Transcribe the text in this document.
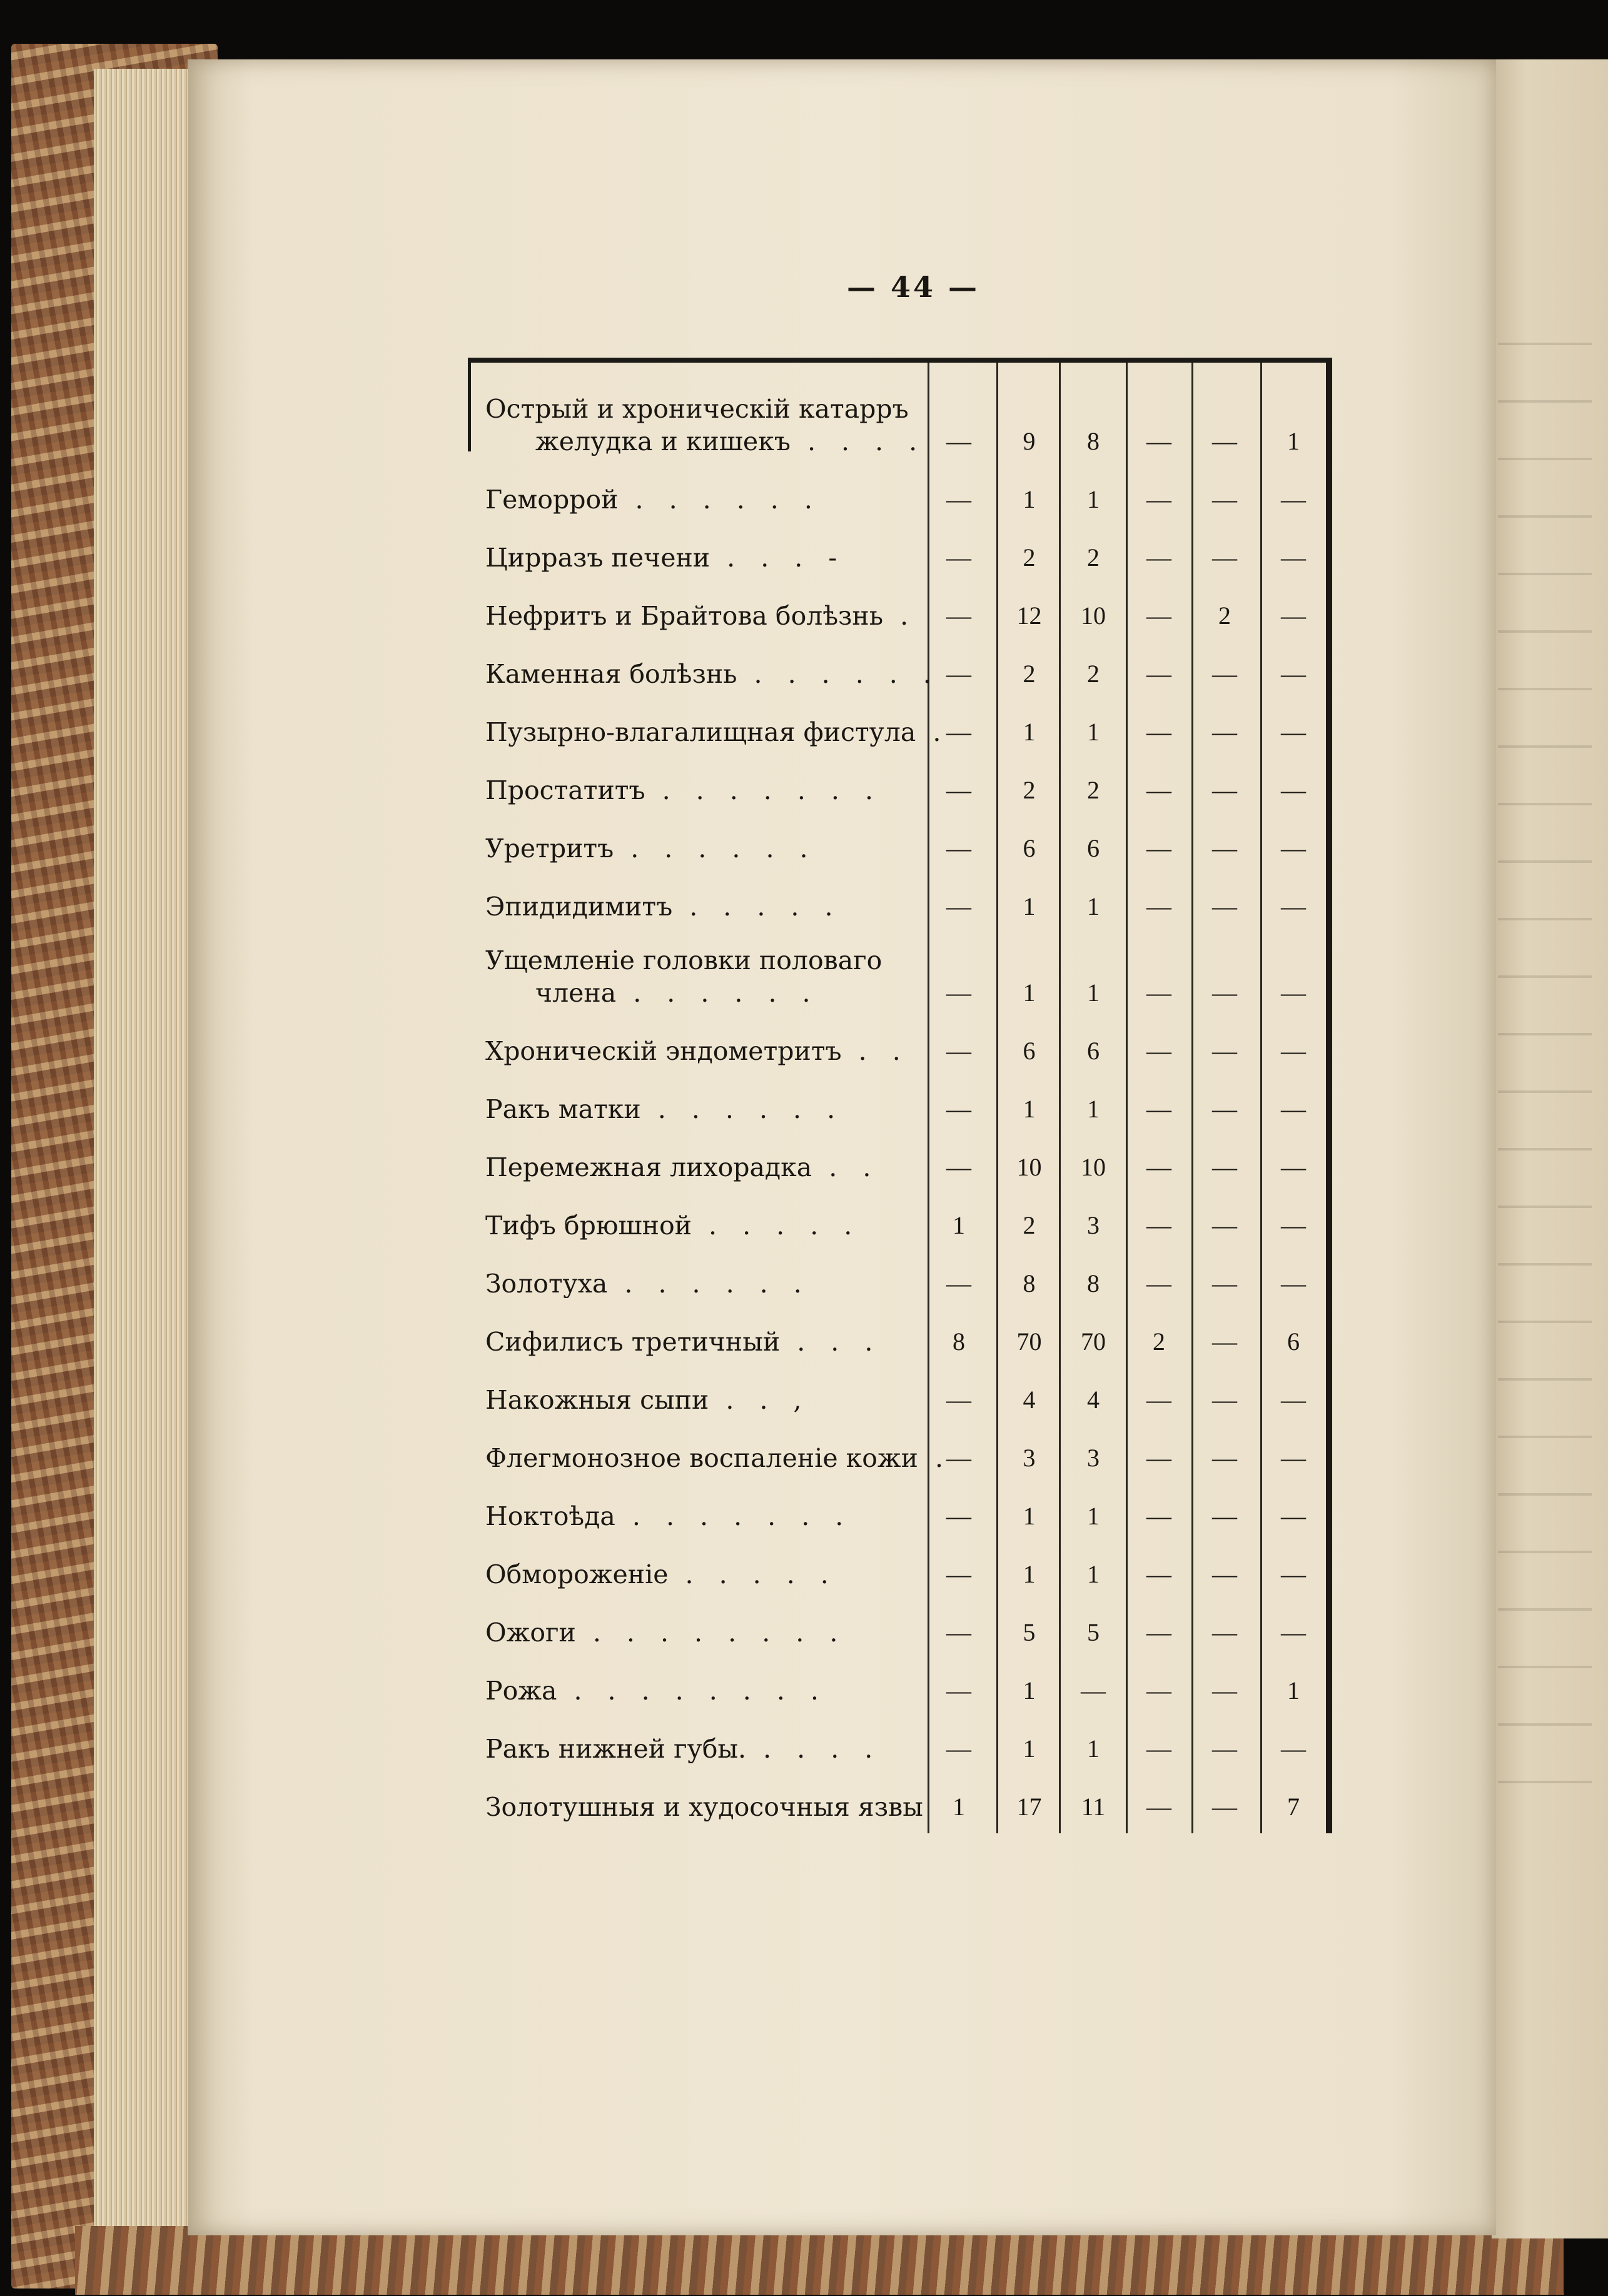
— 44 —
Острый и хроническій катарръ
желудка и кишекъ . . . . —	9	8	—	—	1
Геморрой . . . . . .	—	1	1	—	—	—
Цирразъ печени . . . -	—	2	2	—	—	—
Нефритъ и Брайтова болѣзнь .	—	12	10	—	2	—
Каменная болѣзнь . . . . . . —	2	2	—	—	—
Пузырно-влагалищная фистула .
—	1	1	—	—	—
Простатитъ . . . . . . .	—	2	2	—	—	—
Уретритъ . . . . . .	—	6	6	—	—	—
Эпидидимитъ . . . . .	—	1	1	—	—	—
Ущемленіе головки половаго
члена . . . . . .	—	1	1	—	—	—
Хроническій эндометритъ . .	—	6	6	—	—	—
Ракъ матки . . . . . .	—	1	1	—	—	—
Перемежная лихорадка . .	—	10	10	—	—	—
Тифъ брюшной . . . . .	1	2	3	—	—	—
Золотуха . . . . . .	—	8	8	—	—	—
Сифилисъ третичный . . .	8	70	70	2	—	6
Накожныя сыпи . . ,	—	4	4	—	—	—
Флегмонозное воспаленіе кожи .
—	3	3	—	—	—
Ноктоѣда . . . . . . .	—	1	1	—	—	—
Обмороженіе . . . . .	—	1	1	—	—	—
Ожоги . . . . . . . .	—	5	5	—	—	—
Рожа . . . . . . . .	—	1	—	—	—	1
Ракъ нижней губы. . . . .	—	1	1	—	—	—
Золотушныя и худосочныя язвы	1	17	11	—	—	7
